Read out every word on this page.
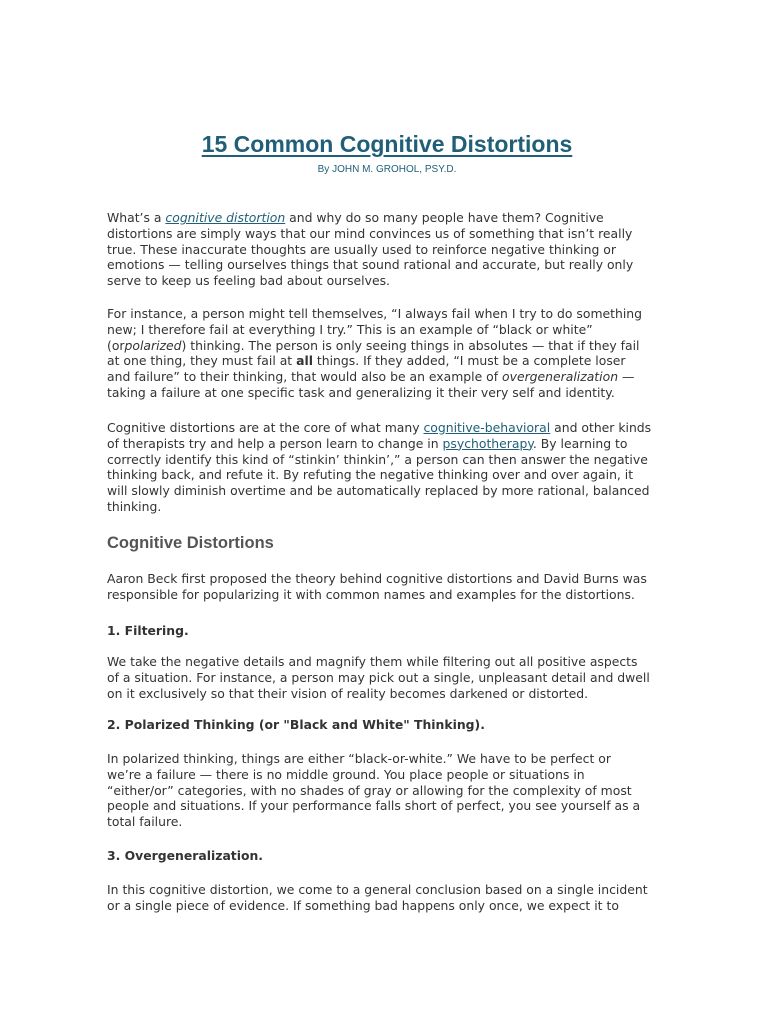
15 Common Cognitive Distortions

By JOHN M. GROHOL, PSY.D.

What’s a cognitive distortion and why do so many people have them? Cognitive
distortions are simply ways that our mind convinces us of something that isn’t really
true. These inaccurate thoughts are usually used to reinforce negative thinking or
emotions — telling ourselves things that sound rational and accurate, but really only
serve to keep us feeling bad about ourselves.

For instance, a person might tell themselves, “I always fail when I try to do something
new; I therefore fail at everything I try.” This is an example of “black or white”
(orpolarized) thinking. The person is only seeing things in absolutes — that if they fail
at one thing, they must fail at all things. If they added, “I must be a complete loser
and failure” to their thinking, that would also be an example of overgeneralization —
taking a failure at one specific task and generalizing it their very self and identity.

Cognitive distortions are at the core of what many cognitive-behavioral and other kinds
of therapists try and help a person learn to change in psychotherapy. By learning to
correctly identify this kind of “stinkin’ thinkin’,” a person can then answer the negative
thinking back, and refute it. By refuting the negative thinking over and over again, it
will slowly diminish overtime and be automatically replaced by more rational, balanced
thinking.

Cognitive Distortions

Aaron Beck first proposed the theory behind cognitive distortions and David Burns was
responsible for popularizing it with common names and examples for the distortions.

1. Filtering.

We take the negative details and magnify them while filtering out all positive aspects
of a situation. For instance, a person may pick out a single, unpleasant detail and dwell
on it exclusively so that their vision of reality becomes darkened or distorted.

2. Polarized Thinking (or "Black and White" Thinking).

In polarized thinking, things are either “black-or-white.” We have to be perfect or
we’re a failure — there is no middle ground. You place people or situations in
“either/or” categories, with no shades of gray or allowing for the complexity of most
people and situations. If your performance falls short of perfect, you see yourself as a
total failure.

3. Overgeneralization.

In this cognitive distortion, we come to a general conclusion based on a single incident
or a single piece of evidence. If something bad happens only once, we expect it to
